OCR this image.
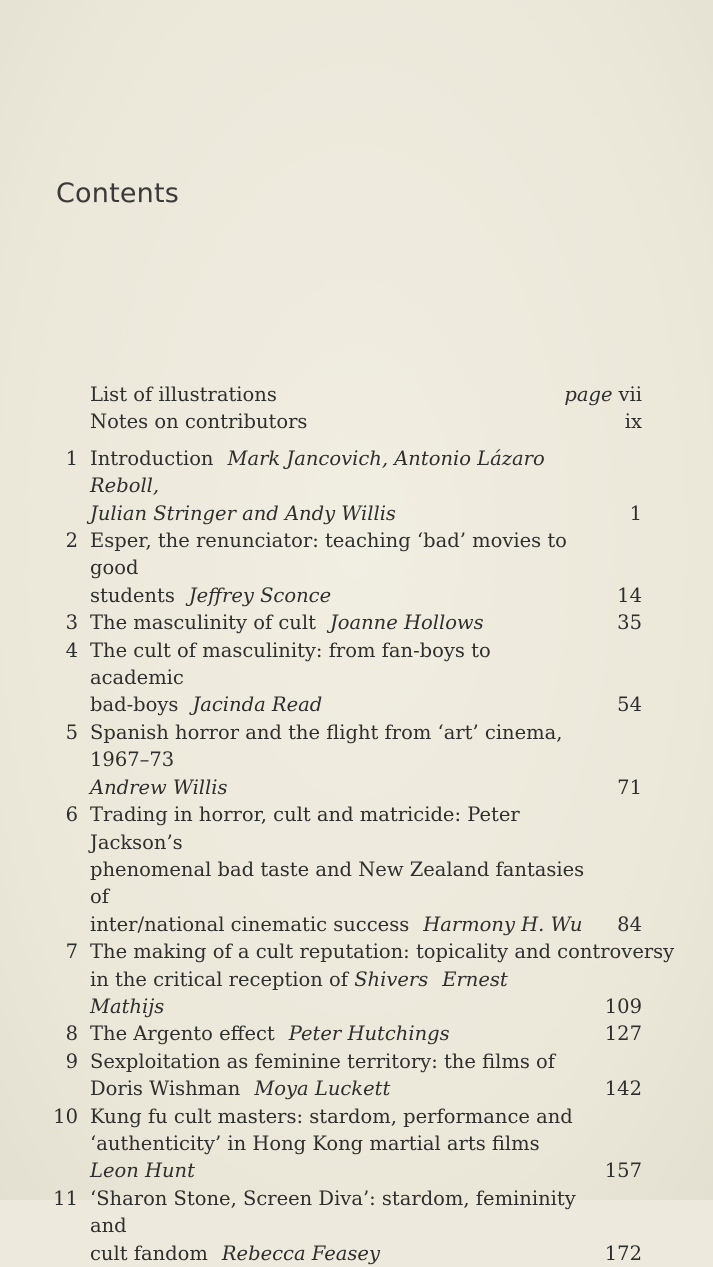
Contents
List of illustrations	page vii
Notes on contributors	ix
1 Introduction Mark Jancovich, Antonio Lázaro Reboll,
Julian Stringer and Andy Willis	1
2 Esper, the renunciator: teaching ‘bad’ movies to good
students Jeffrey Sconce	14
3 The masculinity of cult Joanne Hollows	35
4 The cult of masculinity: from fan-boys to academic
bad-boys Jacinda Read	54
5 Spanish horror and the flight from ‘art’ cinema, 1967–73
Andrew Willis	71
6 Trading in horror, cult and matricide: Peter Jackson’s
phenomenal bad taste and New Zealand fantasies of
inter/national cinematic success Harmony H. Wu 84
7 The making of a cult reputation: topicality and controversy
in the critical reception of Shivers Ernest Mathijs	109
8 The Argento effect Peter Hutchings	127
9 Sexploitation as feminine territory: the films of
Doris Wishman Moya Luckett	142
10 Kung fu cult masters: stardom, performance and
‘authenticity’ in Hong Kong martial arts films
Leon Hunt	157
11 ‘Sharon Stone, Screen Diva’: stardom, femininity and
cult fandom Rebecca Feasey	172
